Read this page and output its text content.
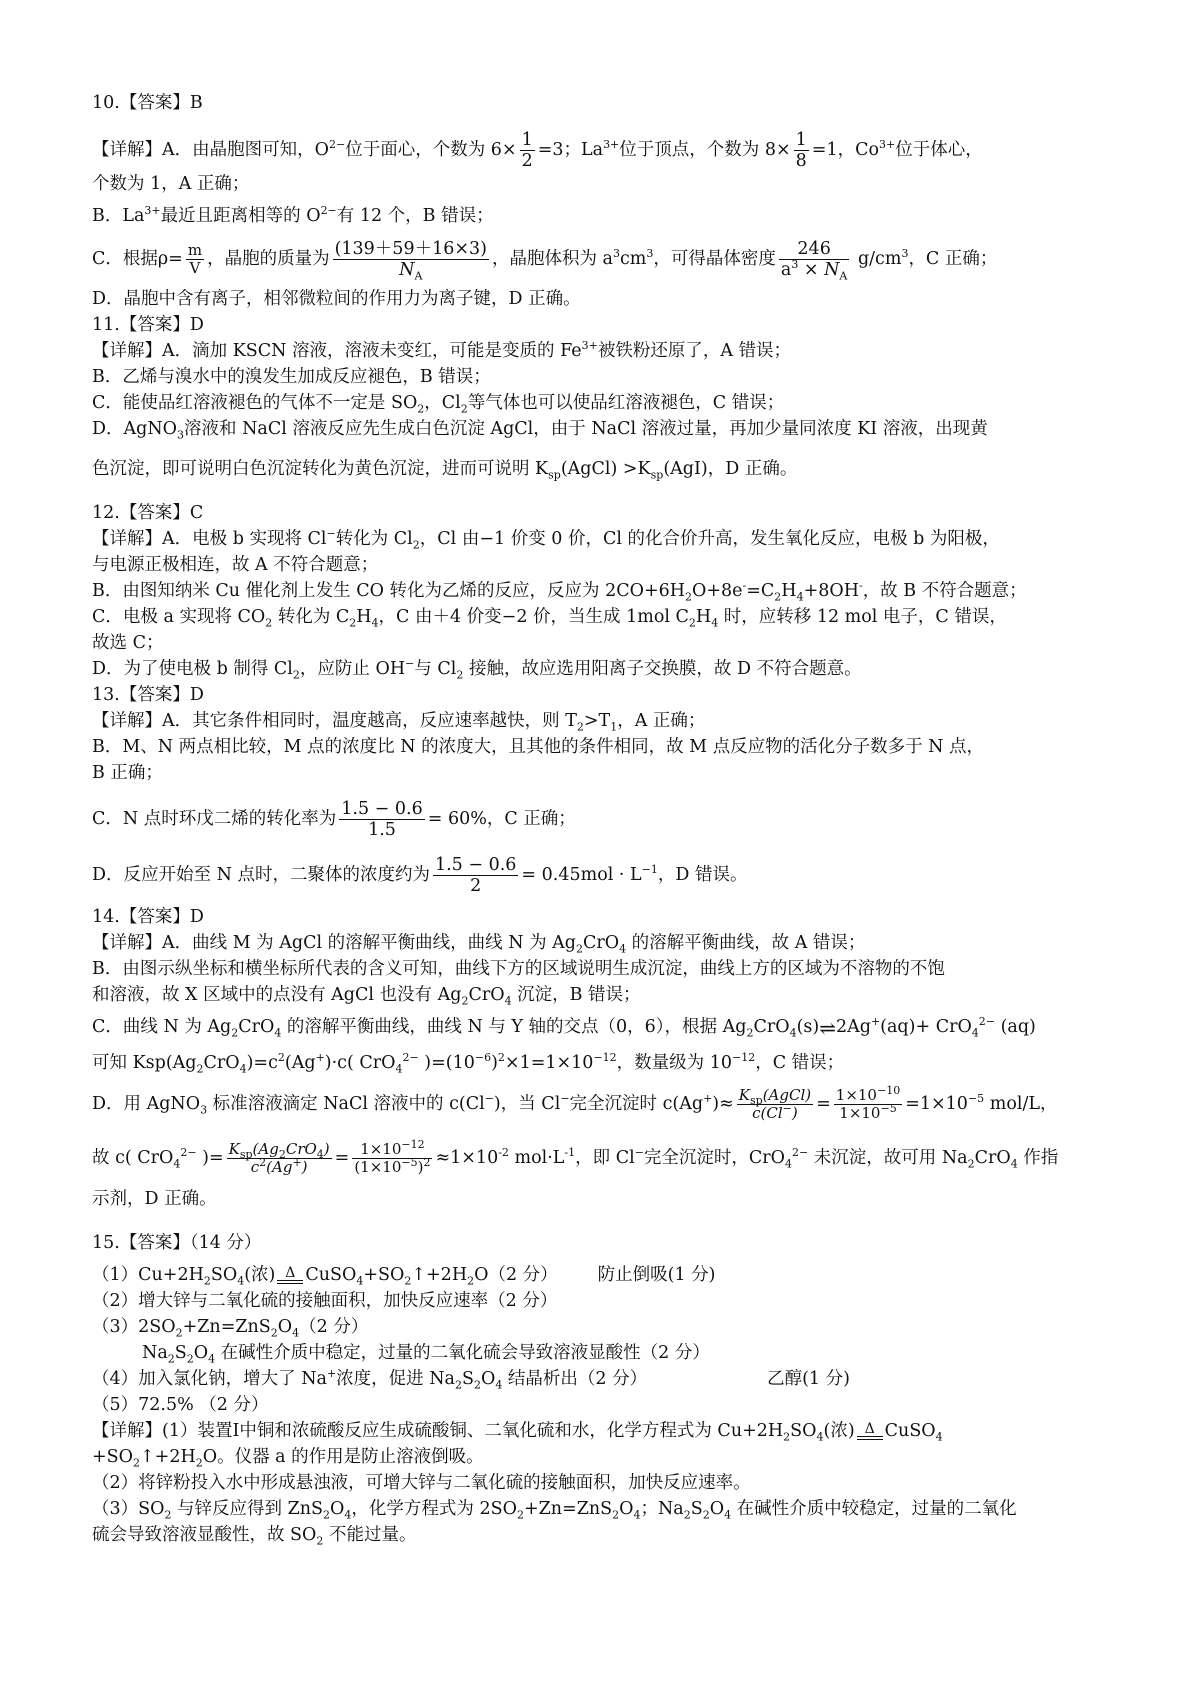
10.【答案】B

【详解】A．由晶胞图可知，$O^{2-}$位于面心，个数为 $6\times \frac{1}{2} =3$；$La^{3+}$位于顶点，个数为 $8\times \frac{1}{8} =1$，$Co^{3+}$位于体心，

个数为 1，A 正确；

B．$La^{3+}$最近且距离相等的 $O^{2-}$有 12 个，B 错误；

C．根据$\rho= \frac{m}{V}$ ，晶胞的质量为 $\frac{(139+59+16\times 3)}{N_A}$ ，晶胞体积为 $a^3cm^3$，可得晶体密度 $\frac{246}{a^3 \times N_A} g/cm^3$，C 正确；

D．晶胞中含有离子，相邻微粒间的作用力为离子键，D 正确。

11.【答案】D

【详解】A．滴加 KSCN 溶液，溶液未变红，可能是变质的 $Fe^{3+}$被铁粉还原了，A 错误；

B．乙烯与溴水中的溴发生加成反应褪色，B 错误；

C．能使品红溶液褪色的气体不一定是 $SO_2$，$Cl_2$等气体也可以使品红溶液褪色，C 错误；

D．AgNO$_3$溶液和 NaCl 溶液反应先生成白色沉淀 AgCl，由于 NaCl 溶液过量，再加少量同浓度 KI 溶液，出现黄

色沉淀，即可说明白色沉淀转化为黄色沉淀，进而可说明 $K_{sp}(AgCl) >K_{sp}(AgI)$，D 正确。

12.【答案】C

【详解】A．电极 b 实现将 Cl−转化为 $Cl_2$，Cl 由−1 价变 0 价，Cl 的化合价升高，发生氧化反应，电极 b 为阳极，

与电源正极相连，故 A 不符合题意；

B．由图知纳米 Cu 催化剂上发生 CO 转化为乙烯的反应，反应为 $2CO+6H_2O+8e^-=C_2H_4+8OH^-$，故 B 不符合题意；

C．电极 a 实现将 $CO_2$ 转化为 $C_2H_4$，C 由＋4 价变−2 价，当生成 1mol $C_2H_4$ 时，应转移 12 mol 电子，C 错误，

故选 C；

D．为了使电极 b 制得 $Cl_2$，应防止 OH−与 $Cl_2$ 接触，故应选用阳离子交换膜，故 D 不符合题意。

13.【答案】D

【详解】A．其它条件相同时，温度越高，反应速率越快，则 $T_2>T_1$，A 正确；

B．M、N 两点相比较，M 点的浓度比 N 的浓度大，且其他的条件相同，故 M 点反应物的活化分子数多于 N 点，

B 正确；

C．N 点时环戊二烯的转化率为 $\frac{1.5 - 0.6}{1.5} = 60\%$，C 正确；

D．反应开始至 N 点时，二聚体的浓度约为 $\frac{1.5 - 0.6}{2} = 0.45mol \cdot L^{-1}$，D 错误。

14.【答案】D

【详解】A．曲线 M 为 AgCl 的溶解平衡曲线，曲线 N 为 $Ag_2CrO_4$ 的溶解平衡曲线，故 A 错误；

B．由图示纵坐标和横坐标所代表的含义可知，曲线下方的区域说明生成沉淀，曲线上方的区域为不溶物的不饱

和溶液，故 X 区域中的点没有 AgCl 也没有 $Ag_2CrO_4$ 沉淀，B 错误；

C．曲线 N 为 $Ag_2CrO_4$ 的溶解平衡曲线，曲线 N 与 Y 轴的交点（0，6），根据 $Ag_2CrO_4(s)\rightleftharpoons 2Ag^+(aq)+ CrO_4^{2-}$ (aq)

可知 $Ksp(Ag_2CrO_4)=c^2(Ag^+)\cdot c$( CrO$_4^{2-}$ )$=(10^{-6})^2\times 1=1\times 10^{-12}$，数量级为 $10^{-12}$，C 错误；

D．用 AgNO$_3$ 标准溶液滴定 NaCl 溶液中的 c(Cl−)，当 Cl−完全沉淀时 $c(Ag^+)\approx \frac{K_{sp}(AgCl)}{c(Cl^-)} = \frac{1\times 10^{-10}}{1\times 10^{-5}} =1\times 10^{-5}$ mol/L，

故 c( CrO$_4^{2-}$ )= $\frac{K_{sp}(Ag_2CrO_4)}{c^2(Ag^+)} = \frac{1\times 10^{-12}}{(1\times 10^{-5})^2} \approx 1\times 10^{-2}$ $mol\cdot L^{-1}$，即 Cl−完全沉淀时，CrO$_4^{2-}$ 未沉淀，故可用 $Na_2CrO_4$ 作指

示剂，D 正确。

15.【答案】（14 分）

$(1)Cu+2H_2SO_4$(浓) Δ $CuSO_4+SO_2↑+2H_2O(2$ 分） 防止倒吸(1 分)

（2）增大锌与二氧化硫的接触面积，加快反应速率（2 分）

$(3)2SO_2+Zn=ZnS_2O_4(2$ 分）

$Na_2S_2O_4$ 在碱性介质中稳定，过量的二氧化硫会导致溶液显酸性（2 分）

（4）加入氯化钠，增大了 Na+浓度，促进 $Na_2S_2O_4$ 结晶析出（2 分）	乙醇(1 分)

（5）72.5% （2 分）

【详解】(1）装置I中铜和浓硫酸反应生成硫酸铜、二氧化硫和水，化学方程式为 $Cu+2H_2SO_4$(浓) Δ CuSO$_4$

$+SO_2↑+2H_2O$。仪器 a 的作用是防止溶液倒吸。

（2）将锌粉投入水中形成悬浊液，可增大锌与二氧化硫的接触面积，加快反应速率。

$(3)SO_2$ 与锌反应得到 $ZnS_2O_4$，化学方程式为 $2SO_2+Zn=ZnS_2O_4$；$Na_2S_2O_4$ 在碱性介质中较稳定，过量的二氧化

硫会导致溶液显酸性，故 $SO_2$ 不能过量。
